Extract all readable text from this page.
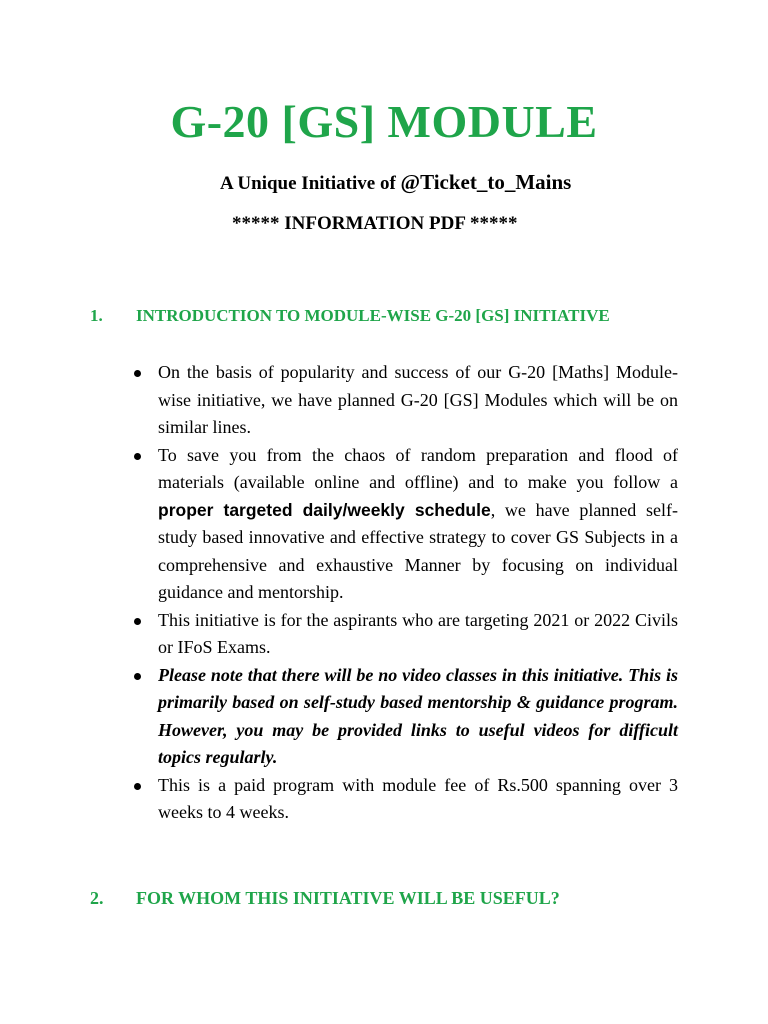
G-20 [GS] MODULE
A Unique Initiative of @Ticket_to_Mains
***** INFORMATION PDF *****
1. INTRODUCTION TO MODULE-WISE G-20 [GS] INITIATIVE
On the basis of popularity and success of our G-20 [Maths] Module-wise initiative, we have planned G-20 [GS] Modules which will be on similar lines.
To save you from the chaos of random preparation and flood of materials (available online and offline) and to make you follow a proper targeted daily/weekly schedule, we have planned self-study based innovative and effective strategy to cover GS Subjects in a comprehensive and exhaustive Manner by focusing on individual guidance and mentorship.
This initiative is for the aspirants who are targeting 2021 or 2022 Civils or IFoS Exams.
Please note that there will be no video classes in this initiative. This is primarily based on self-study based mentorship & guidance program. However, you may be provided links to useful videos for difficult topics regularly.
This is a paid program with module fee of Rs.500 spanning over 3 weeks to 4 weeks.
2. FOR WHOM THIS INITIATIVE WILL BE USEFUL?
